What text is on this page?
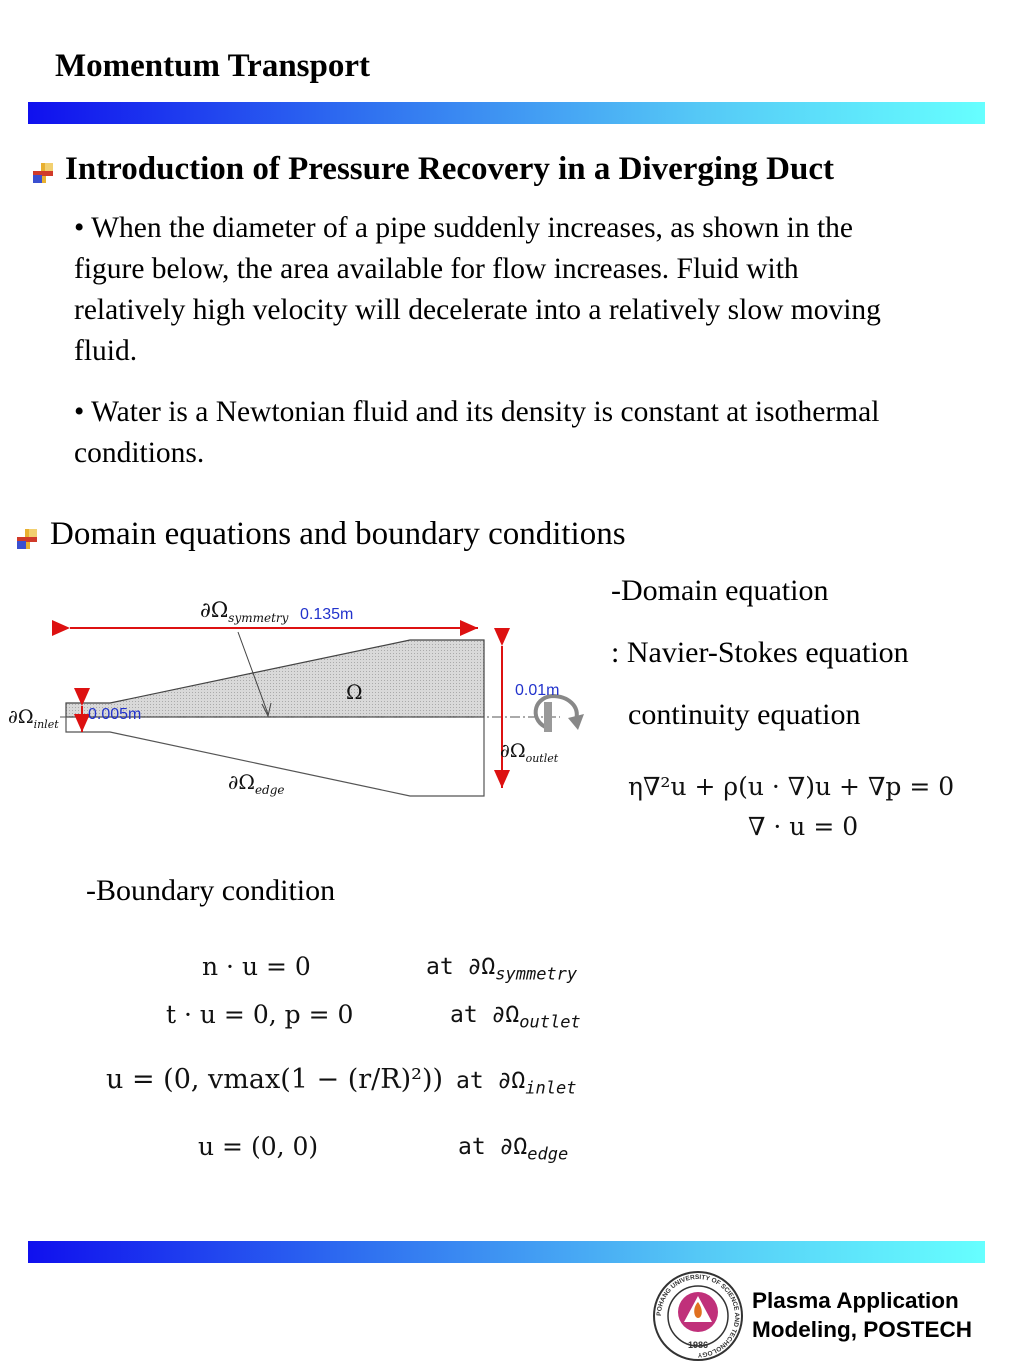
Momentum Transport
Introduction of Pressure Recovery in a Diverging Duct
• When the diameter of a pipe suddenly increases, as shown in the figure below, the area available for flow increases. Fluid with relatively high velocity will decelerate into a relatively slow moving fluid.
• Water is a Newtonian fluid and its density is constant at isothermal conditions.
Domain equations and boundary conditions
$\partial\Omega_{symmetry}$ 0.135m
Ω	0.01m
0.005m
$\partial\Omega_{inlet}$
$\partial\Omega_{outlet}$
$\partial\Omega_{edge}$
-Domain equation
: Navier-Stokes equation
continuity equation
η∇²u + ρ(u · ∇)u + ∇p = 0
∇ · u = 0
-Boundary condition
n · u = 0	at $\partial\Omega_{symmetry}$
t · u = 0, p = 0	at $\partial\Omega_{outlet}$
u = (0, vmax(1 − (r/R)²)) at $\partial\Omega_{inlet}$
u = (0, 0)	at $\partial\Omega_{edge}$
POHANG UNIVERSITY OF SCIENCE AND TECHNOLOGY
1986
Plasma Application
Modeling, POSTECH
